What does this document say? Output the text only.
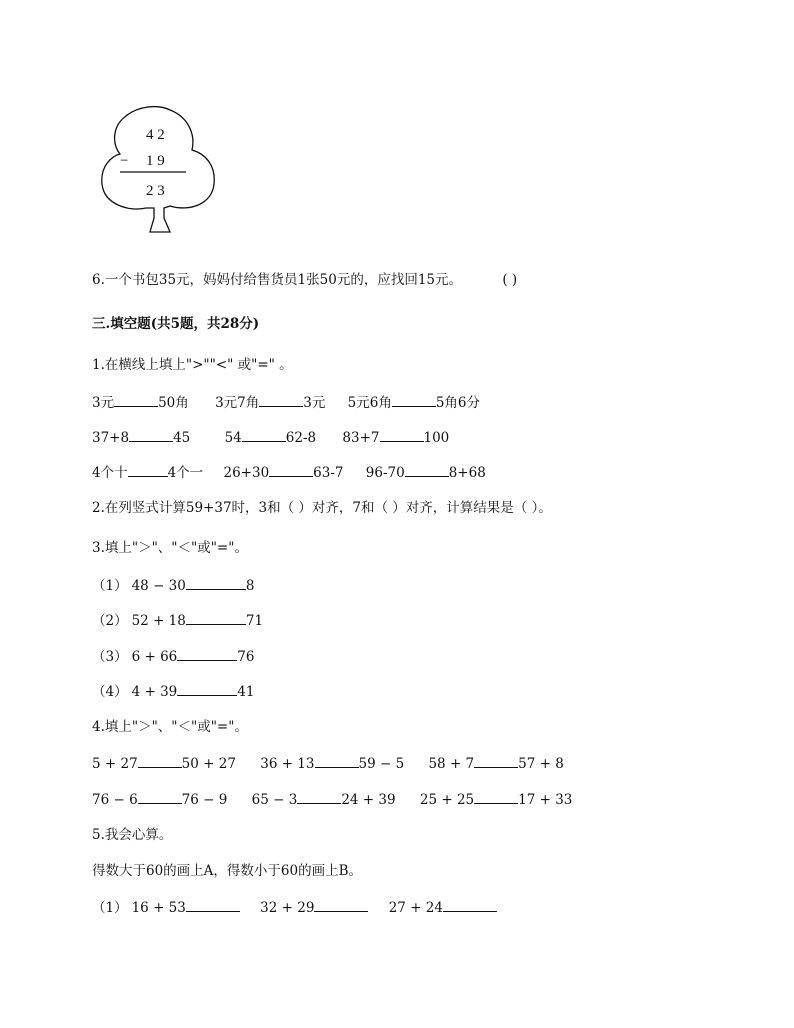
4 2
− 1 9
2 3
6.一个书包35元，妈妈付给售货员1张50元的，应找回15元。	( )
三.填空题(共5题，共28分)
1.在横线上填上">""<" 或"=" 。
3元	50角 3元7角	3元 5元6角	5角6分
37+8	45	54	62-8 83+7	100
4个十	4个一 26+30	63-7 96-70	8+68
2.在列竖式计算59+37时，3和（ ）对齐，7和（ ）对齐，计算结果是（ ）。
3.填上"＞"、"＜"或"="。
（1） 48 − 30	8
（2） 52 + 18	71
（3） 6 + 66	76
（4） 4 + 39	41
4.填上"＞"、"＜"或"="。
5 + 27	50 + 27 36 + 13	59 − 5 58 + 7	57 + 8
76 − 6	76 − 9 65 − 3	24 + 39 25 + 25	17 + 33
5.我会心算。
得数大于60的画上A，得数小于60的画上B。
（1） 16 + 53	32 + 29	27 + 24
